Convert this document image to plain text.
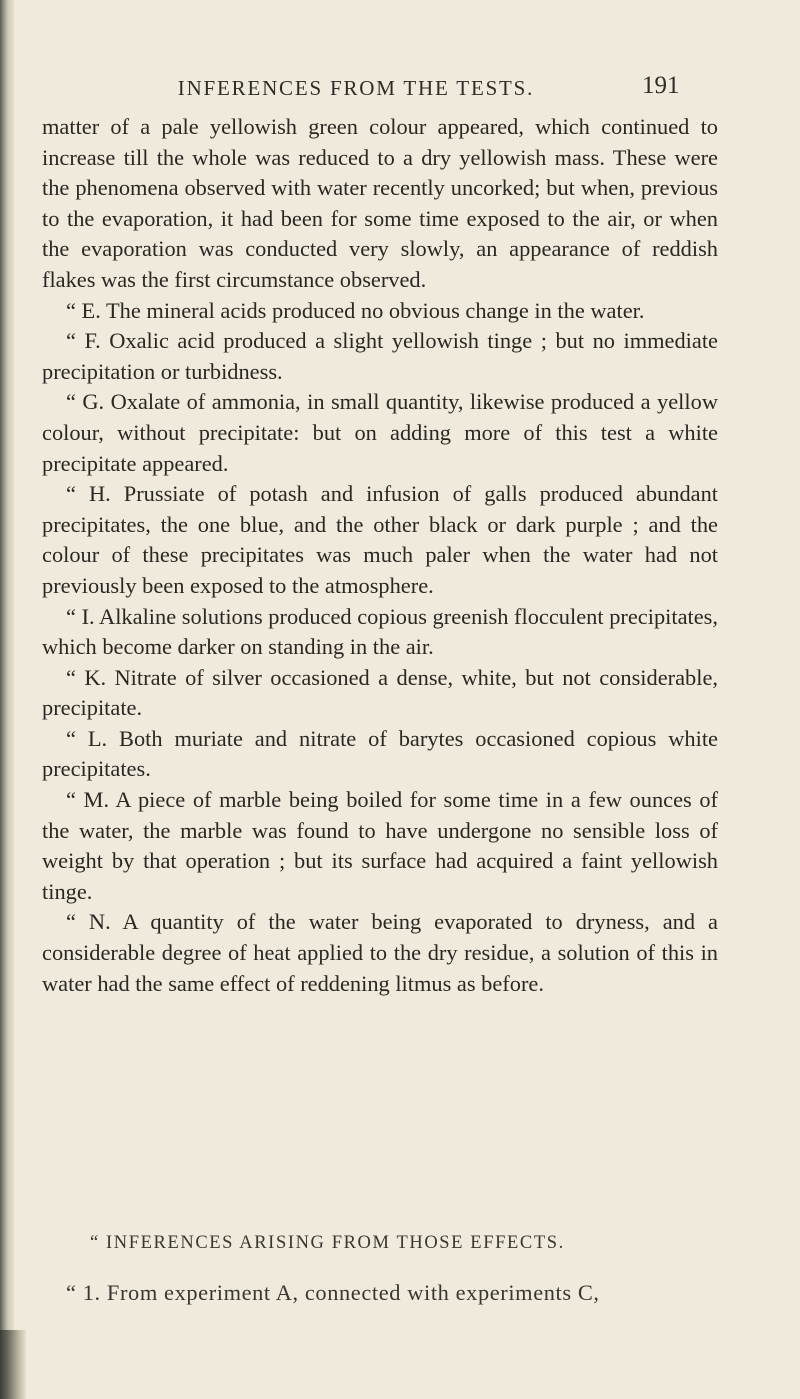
INFERENCES FROM THE TESTS.	191

matter of a pale yellowish green colour appeared, which continued to increase till the whole was reduced to a dry yellowish mass. These were the phenomena observed with water recently uncorked; but when, previous to the evaporation, it had been for some time exposed to the air, or when the evaporation was conducted very slowly, an appearance of reddish flakes was the first circumstance observed.

“ E. The mineral acids produced no obvious change in the water.

“ F. Oxalic acid produced a slight yellowish tinge ; but no immediate precipitation or turbidness.

“ G. Oxalate of ammonia, in small quantity, likewise produced a yellow colour, without precipitate: but on adding more of this test a white precipitate appeared.

“ H. Prussiate of potash and infusion of galls produced abundant precipitates, the one blue, and the other black or dark purple ; and the colour of these precipitates was much paler when the water had not previously been exposed to the atmosphere.

“ I. Alkaline solutions produced copious greenish flocculent precipitates, which become darker on standing in the air.

“ K. Nitrate of silver occasioned a dense, white, but not considerable, precipitate.

“ L. Both muriate and nitrate of barytes occasioned copious white precipitates.

“ M. A piece of marble being boiled for some time in a few ounces of the water, the marble was found to have undergone no sensible loss of weight by that operation ; but its surface had acquired a faint yellowish tinge.

“ N. A quantity of the water being evaporated to dryness, and a considerable degree of heat applied to the dry residue, a solution of this in water had the same effect of reddening litmus as before.

“ INFERENCES ARISING FROM THOSE EFFECTS.
“ 1. From experiment A, connected with experiments C,
